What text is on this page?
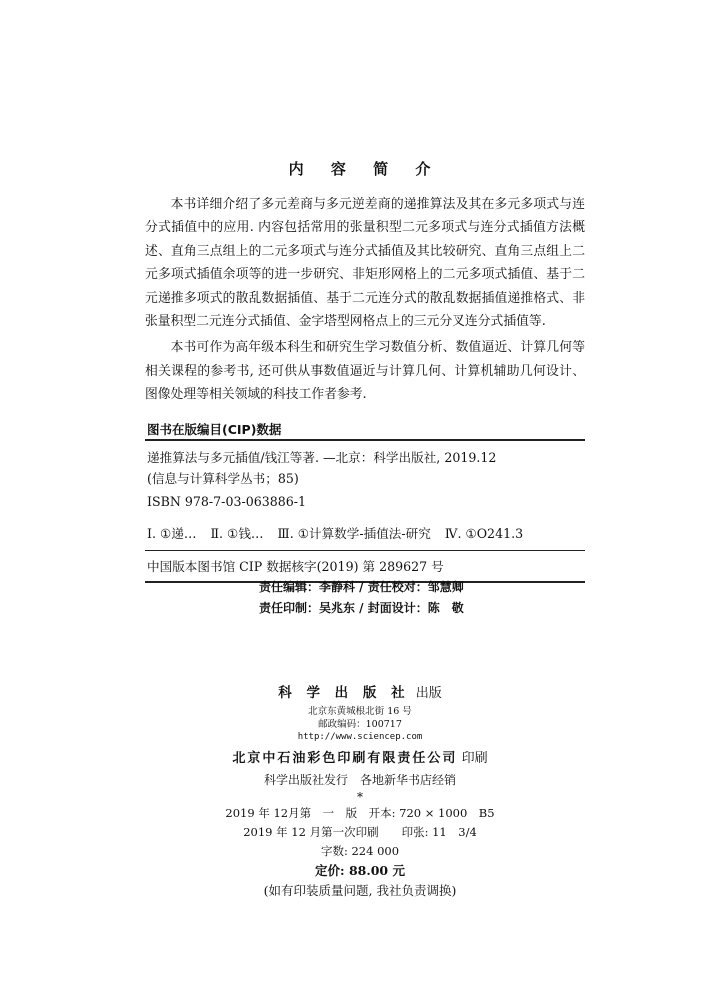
内 容 简 介

本书详细介绍了多元差商与多元逆差商的递推算法及其在多元多项式与连分式插值中的应用. 内容包括常用的张量积型二元多项式与连分式插值方法概述、直角三点组上的二元多项式与连分式插值及其比较研究、直角三点组上二元多项式插值余项等的进一步研究、非矩形网格上的二元多项式插值、基于二元递推多项式的散乱数据插值、基于二元连分式的散乱数据插值递推格式、非张量积型二元连分式插值、金字塔型网格点上的三元分叉连分式插值等.

本书可作为高年级本科生和研究生学习数值分析、数值逼近、计算几何等相关课程的参考书, 还可供从事数值逼近与计算几何、计算机辅助几何设计、图像处理等相关领域的科技工作者参考.

图书在版编目(CIP)数据
递推算法与多元插值/钱江等著. —北京：科学出版社, 2019.12
(信息与计算科学丛书；85)
ISBN 978-7-03-063886-1
Ⅰ. ①递… Ⅱ. ①钱… Ⅲ. ①计算数学-插值法-研究 Ⅳ. ①O241.3
中国版本图书馆 CIP 数据核字(2019) 第 289627 号
责任编辑：李静科 / 责任校对：邹慧卿
责任印制：吴兆东 / 封面设计：陈　敬
科 学 出 版 社 出版
北京东黄城根北街 16 号
邮政编码：100717
http://www.sciencep.com
北京中石油彩色印刷有限责任公司 印刷
科学出版社发行　各地新华书店经销
*
2019 年 12月第　一　版　开本: 720 × 1000　B5
2019 年 12 月第一次印刷　　印张: 11　3/4
字数: 224 000
定价: 88.00 元
(如有印装质量问题, 我社负责调换)
